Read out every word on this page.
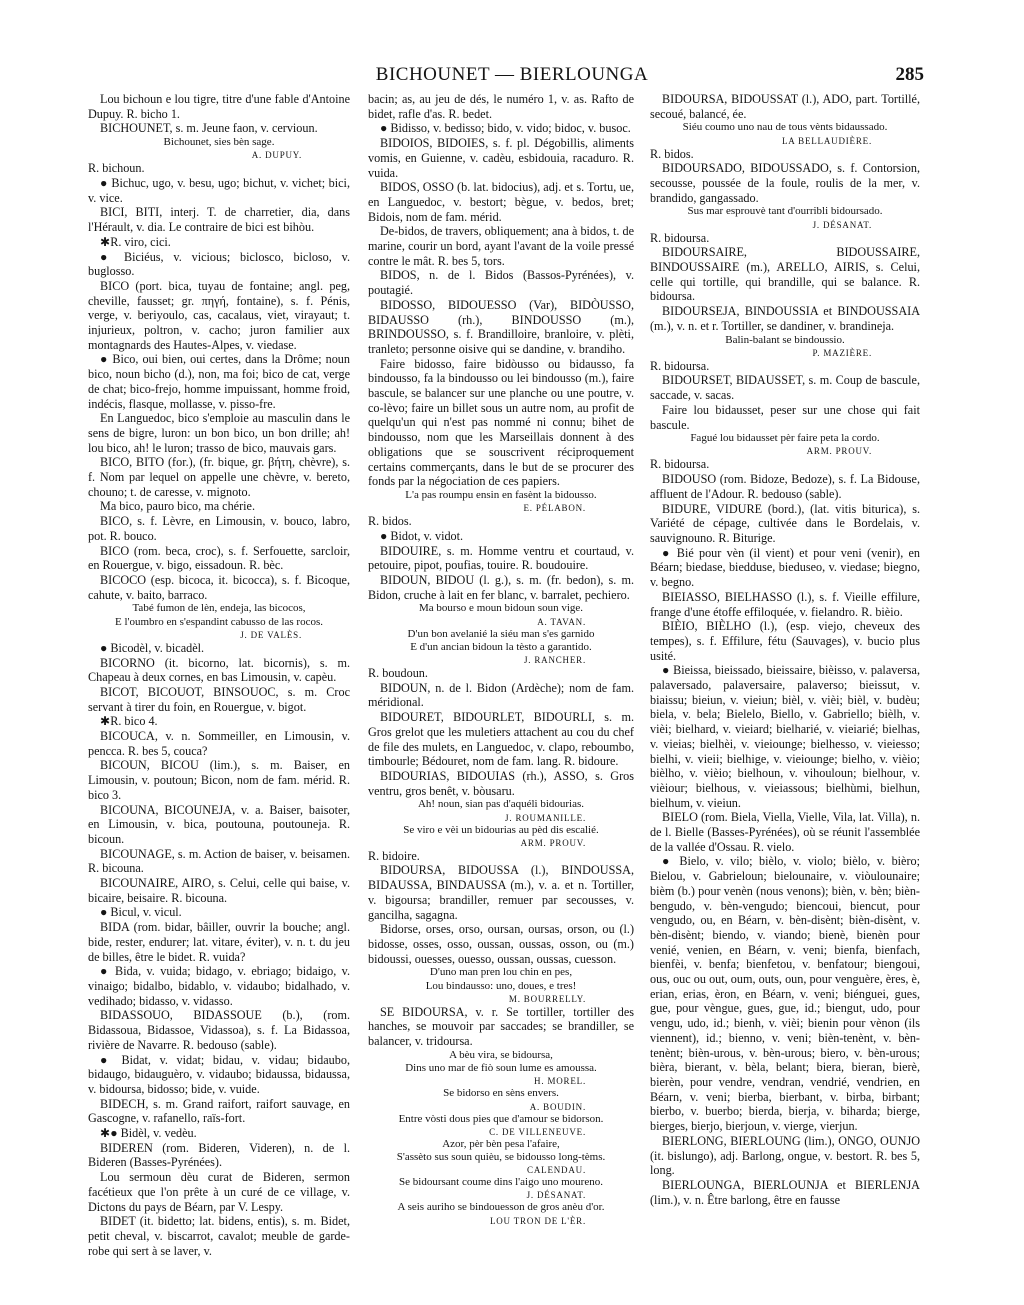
BICHOUNET — BIERLOUNGA	285

Lou bichoun e lou tigre, titre d'une fable d'Antoine Dupuy. R. bicho 1.

BICHOUNET, s. m. Jeune faon, v. cervioun.

Bichounet, sies bèn sage.

A. DUPUY.

R. bichoun.

● Bichuc, ugo, v. besu, ugo; bichut, v. vichet; bici, v. vice.

BICI, BITI, interj. T. de charretier, dia, dans l'Hérault, v. dia. Le contraire de bici est bihòu.

✱R. viro, cici.

● Biciéus, v. vicious; biclosco, bicloso, v. buglosso.

BICO (port. bica, tuyau de fontaine; angl. peg, cheville, fausset; gr. πηγή, fontaine), s. f. Pénis, verge, v. beriyoulo, cas, cacalaus, viet, virayaut; t. injurieux, poltron, v. cacho; juron familier aux montagnards des Hautes-Alpes, v. viedase.

● Bico, oui bien, oui certes, dans la Drôme; noun bico, noun bicho (d.), non, ma foi; bico de cat, verge de chat; bico-frejo, homme impuissant, homme froid, indécis, flasque, mollasse, v. pisso-fre.

En Languedoc, bico s'emploie au masculin dans le sens de bigre, luron: un bon bico, un bon drille; ah! lou bico, ah! le luron; trasso de bico, mauvais gars.

BICO, BITO (for.), (fr. bique, gr. βήτη, chèvre), s. f. Nom par lequel on appelle une chèvre, v. bereto, chouno; t. de caresse, v. mignoto.

Ma bico, pauro bico, ma chérie.

BICO, s. f. Lèvre, en Limousin, v. bouco, labro, pot. R. bouco.

BICO (rom. beca, croc), s. f. Serfouette, sarcloir, en Rouergue, v. bigo, eissadoun. R. bèc.

BICOCO (esp. bicoca, it. bicocca), s. f. Bicoque, cahute, v. baito, barraco.

Tabé fumon de lèn, endeja, las bicocos,

E l'oumbro en s'espandint cabusso de las rocos.

J. DE VALÈS.

● Bicodèl, v. bicadèl.

BICORNO (it. bicorno, lat. bicornis), s. m. Chapeau à deux cornes, en bas Limousin, v. capèu.

BICOT, BICOUOT, BINSOUOC, s. m. Croc servant à tirer du foin, en Rouergue, v. bigot.

✱R. bico 4.

BICOUCA, v. n. Sommeiller, en Limousin, v. pencca. R. bes 5, couca?

BICOUN, BICOU (lim.), s. m. Baiser, en Limousin, v. poutoun; Bicon, nom de fam. mérid. R. bico 3.

BICOUNA, BICOUNEJA, v. a. Baiser, baisoter, en Limousin, v. bica, poutouna, poutouneja. R. bicoun.

BICOUNAGE, s. m. Action de baiser, v. beisamen. R. bicouna.

BICOUNAIRE, AIRO, s. Celui, celle qui baise, v. bicaire, beisaire. R. bicouna.

● Bicul, v. vicul.

BIDA (rom. bidar, bâiller, ouvrir la bouche; angl. bide, rester, endurer; lat. vitare, éviter), v. n. t. du jeu de billes, être le bidet. R. vuida?

● Bida, v. vuida; bidago, v. ebriago; bidaigo, v. vinaigo; bidalbo, bidablo, v. vidaubo; bidalhado, v. vedihado; bidasso, v. vidasso.

BIDASSOUO, BIDASSOUE (b.), (rom. Bidassoua, Bidassoe, Vidassoa), s. f. La Bidassoa, rivière de Navarre. R. bedouso (sable).

● Bidat, v. vidat; bidau, v. vidau; bidaubo, bidaugo, bidauguèro, v. vidaubo; bidaussa, bidaussa, v. bidoursa, bidosso; bide, v. vuide.

BIDECH, s. m. Grand raifort, raifort sauvage, en Gascogne, v. rafanello, raïs-fort.

✱● Bidèl, v. vedèu.

BIDEREN (rom. Bideren, Videren), n. de l. Bideren (Basses-Pyrénées).

Lou sermoun dèu curat de Bideren, sermon facétieux que l'on prête à un curé de ce village, v. Dictons du pays de Béarn, par V. Lespy.

BIDET (it. bidetto; lat. bidens, entis), s. m. Bidet, petit cheval, v. biscarrot, cavalot; meuble de garde-robe qui sert à se laver, v.

bacin; as, au jeu de dés, le numéro 1, v. as. Rafto de bidet, rafle d'as. R. bedet.

● Bidisso, v. bedisso; bido, v. vido; bidoc, v. busoc.

BIDOIOS, BIDOIES, s. f. pl. Dégobillis, aliments vomis, en Guienne, v. cadèu, esbidouia, racaduro. R. vuida.

BIDOS, OSSO (b. lat. bidocius), adj. et s. Tortu, ue, en Languedoc, v. bestort; bègue, v. bedos, bret; Bidois, nom de fam. mérid.

De-bidos, de travers, obliquement; ana à bidos, t. de marine, courir un bord, ayant l'avant de la voile pressé contre le mât. R. bes 5, tors.

BIDOS, n. de l. Bidos (Bassos-Pyrénées), v. poutagié.

BIDOSSO, BIDOUESSO (Var), BIDÒUSSO, BIDAUSSO (rh.), BINDOUSSO (m.), BRINDOUSSO, s. f. Brandilloire, branloire, v. plèti, tranleto; personne oisive qui se dandine, v. brandiho.

Faire bidosso, faire bidòusso ou bidausso, fa bindousso, fa la bindousso ou lei bindousso (m.), faire bascule, se balancer sur une planche ou une poutre, v. co-lèvo; faire un billet sous un autre nom, au profit de quelqu'un qui n'est pas nommé ni connu; bihet de bindousso, nom que les Marseillais donnent à des obligations que se souscrivent réciproquement certains commerçants, dans le but de se procurer des fonds par la négociation de ces papiers.

L'a pas roumpu ensin en fasènt la bidousso.

E. PÉLABON.

R. bidos.

● Bidot, v. vidot.

BIDOUIRE, s. m. Homme ventru et courtaud, v. petouire, pipot, poufias, touire. R. boudouire.

BIDOUN, BIDOU (l. g.), s. m. (fr. bedon), s. m. Bidon, cruche à lait en fer blanc, v. barralet, pechiero.

Ma bourso e moun bidoun soun vige.

A. TAVAN.

D'un bon avelanié la siéu man s'es garnido

E d'un ancian bidoun la tèsto a garantido.

J. RANCHER.

R. boudoun.

BIDOUN, n. de l. Bidon (Ardèche); nom de fam. méridional.

BIDOURET, BIDOURLET, BIDOURLI, s. m. Gros grelot que les muletiers attachent au cou du chef de file des mulets, en Languedoc, v. clapo, reboumbo, timbourle; Bédouret, nom de fam. lang. R. bidoure.

BIDOURIAS, BIDOUIAS (rh.), ASSO, s. Gros ventru, gros benêt, v. bòusaru.

Ah! noun, sian pas d'aquéli bidourias.

J. ROUMANILLE.

Se viro e vèi un bidourias au pèd dis escalié.

ARM. PROUV.

R. bidoire.

BIDOURSA, BIDOUSSA (l.), BINDOUSSA, BIDAUSSA, BINDAUSSA (m.), v. a. et n. Tortiller, v. bigoursa; brandiller, remuer par secousses, v. gancilha, sagagna.

Bidorse, orses, orso, oursan, oursas, orson, ou (l.) bidosse, osses, osso, oussan, oussas, osson, ou (m.) bidoussi, ouesses, ouesso, oussan, oussas, cuesson.

D'uno man pren lou chin en pes,

Lou bindausso: uno, doues, e tres!

M. BOURRELLY.

SE BIDOURSA, v. r. Se tortiller, tortiller des hanches, se mouvoir par saccades; se brandiller, se balancer, v. tridoursa.

A bèu vira, se bidoursa,

Dins uno mar de fiò soun lume es amoussa.

H. MOREL.

Se bidorso en sèns envers.

A. BOUDIN.

Entre vòsti dous pies que d'amour se bidorson.

C. DE VILLENEUVE.

Azor, pèr bèn pesa l'afaire,

S'assèto sus soun quièu, se bidousso long-tèms.

CALENDAU.

Se bidoursant coume dins l'aigo uno moureno.

J. DÉSANAT.

A seis auriho se bindouesson de gros anèu d'or.

LOU TRON DE L'ÈR.

BIDOURSA, BIDOUSSAT (l.), ADO, part. Tortillé, secoué, balancé, ée.

Siéu coumo uno nau de tous vènts bidaussado.

LA BELLAUDIÈRE.

R. bidos.

BIDOURSADO, BIDOUSSADO, s. f. Contorsion, secousse, poussée de la foule, roulis de la mer, v. brandido, gangassado.

Sus mar esprouvè tant d'ourribli bidoursado.

J. DÉSANAT.

R. bidoursa.

BIDOURSAIRE, BIDOUSSAIRE, BINDOUSSAIRE (m.), ARELLO, AIRIS, s. Celui, celle qui tortille, qui brandille, qui se balance. R. bidoursa.

BIDOURSEJA, BINDOUSSIA et BINDOUSSAIA (m.), v. n. et r. Tortiller, se dandiner, v. brandineja.

Balin-balant se bindoussio.

P. MAZIÈRE.

R. bidoursa.

BIDOURSET, BIDAUSSET, s. m. Coup de bascule, saccade, v. sacas.

Faire lou bidausset, peser sur une chose qui fait bascule.

Fagué lou bidausset pèr faire peta la cordo.

ARM. PROUV.

R. bidoursa.

BIDOUSO (rom. Bidoze, Bedoze), s. f. La Bidouse, affluent de l'Adour. R. bedouso (sable).

BIDURE, VIDURE (bord.), (lat. vitis biturica), s. Variété de cépage, cultivée dans le Bordelais, v. sauvignouno. R. Biturige.

● Bié pour vèn (il vient) et pour veni (venir), en Béarn; biedase, biedduse, bieduseo, v. viedase; biegno, v. begno.

BIEIASSO, BIELHASSO (l.), s. f. Vieille effilure, frange d'une étoffe effiloquée, v. fielandro. R. bièio.

BIÈIO, BIÈLHO (l.), (esp. viejo, cheveux des tempes), s. f. Effilure, fétu (Sauvages), v. bucio plus usité.

● Bieissa, bieissado, bieissaire, bièisso, v. palaversa, palaversado, palaversaire, palaverso; bieissut, v. biaissu; bieiun, v. vieiun; bièl, v. vièi; bièl, v. budèu; biela, v. bela; Bielelo, Biello, v. Gabriello; bièlh, v. vièi; bielhard, v. vieiard; bielharié, v. vieiarié; bielhas, v. vieias; bielhèi, v. vieiounge; bielhesso, v. vieiesso; bielhi, v. vieii; bielhige, v. vieiounge; bielho, v. vièio; bièlho, v. vièio; bielhoun, v. vihouloun; bielhour, v. vièiour; bielhous, v. vieiassous; bielhùmi, bielhun, bielhum, v. vieiun.

BIELO (rom. Biela, Viella, Vielle, Vila, lat. Villa), n. de l. Bielle (Basses-Pyrénées), où se réunit l'assemblée de la vallée d'Ossau. R. vielo.

● Bielo, v. vilo; bièlo, v. violo; bièlo, v. bièro; Bielou, v. Gabrieloun; bielounaire, v. viòulounaire; bièm (b.) pour venèn (nous venons); bièn, v. bèn; bièn-bengudo, v. bèn-vengudo; biencoui, biencut, pour vengudo, ou, en Béarn, v. bèn-disènt; bièn-disènt, v. bèn-disènt; biendo, v. viando; bienè, bienèn pour venié, venien, en Béarn, v. veni; bienfa, bienfach, bienfèi, v. benfa; bienfetou, v. benfatour; biengoui, ous, ouc ou out, oum, outs, oun, pour venguère, ères, è, erian, erias, èron, en Béarn, v. veni; biénguei, gues, gue, pour vèngue, gues, gue, id.; biengut, udo, pour vengu, udo, id.; bienh, v. vièi; bienin pour vènon (ils viennent), id.; bienno, v. veni; bièn-tenènt, v. bèn-tenènt; bièn-urous, v. bèn-urous; biero, v. bèn-urous; bièra, bierant, v. bèla, belant; biera, bieran, bierè, bierèn, pour vendre, vendran, vendrié, vendrien, en Béarn, v. veni; bierba, bierbant, v. birba, birbant; bierbo, v. buerbo; bierda, bierja, v. biharda; bierge, bierges, bierjo, bierjoun, v. vierge, vierjun.

BIERLONG, BIERLOUNG (lim.), ONGO, OUNJO (it. bislungo), adj. Barlong, ongue, v. bestort. R. bes 5, long.

BIERLOUNGA, BIERLOUNJA et BIERLENJA (lim.), v. n. Être barlong, être en fausse
